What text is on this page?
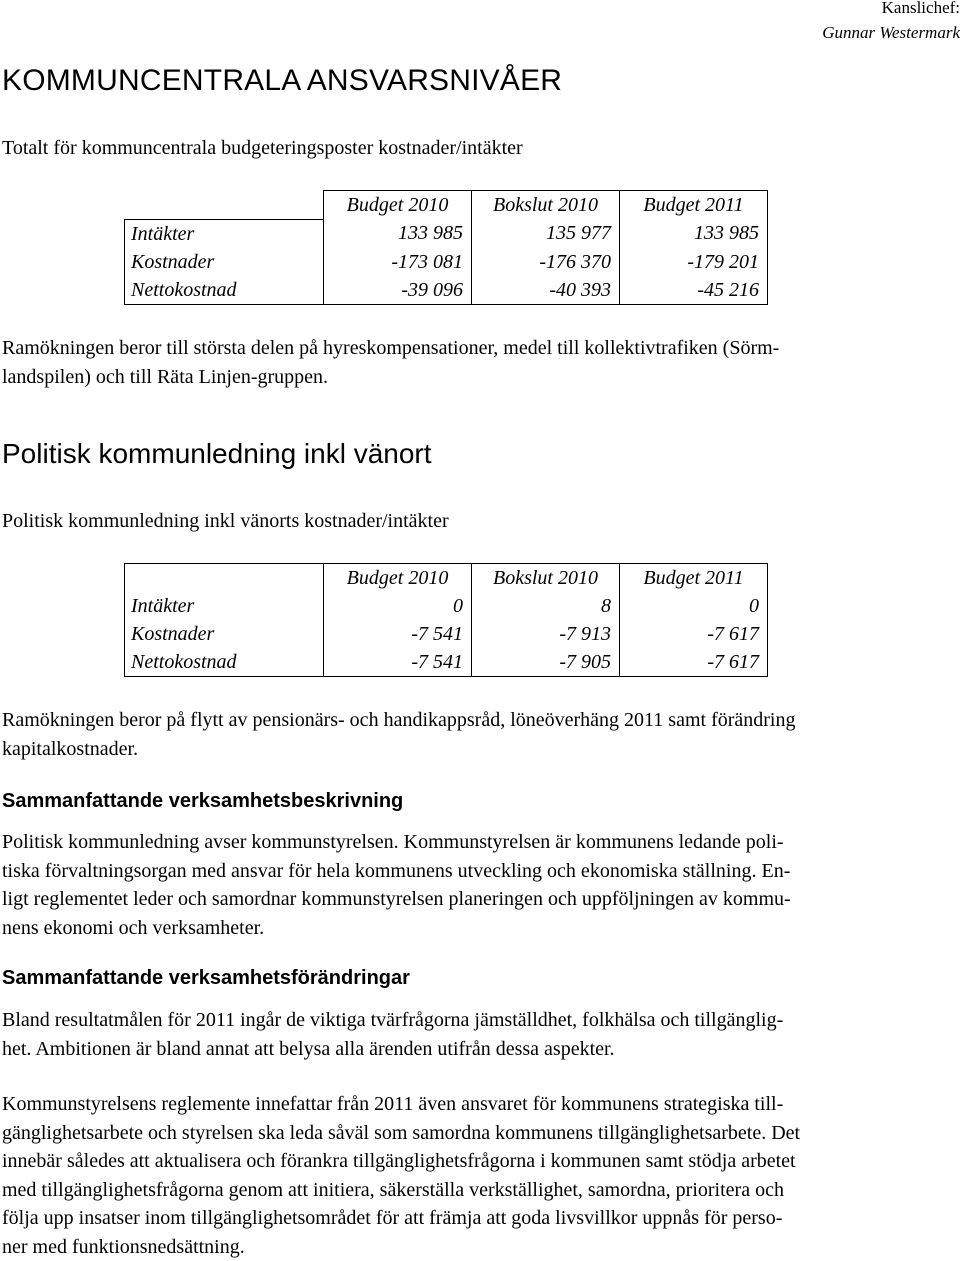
Kanslichef:
Gunnar Westermark
KOMMUNCENTRALA ANSVARSNIVÅER
Totalt för kommuncentrala budgeteringsposter kostnader/intäkter
	Budget 2010	Bokslut 2010	Budget 2011
Intäkter	133 985	135 977	133 985
Kostnader	-173 081	-176 370	-179 201
Nettokostnad	-39 096	-40 393	-45 216
Ramökningen beror till största delen på hyreskompensationer, medel till kollektivtrafiken (Sörm-
landspilen) och till Räta Linjen-gruppen.
Politisk kommunledning inkl vänort
Politisk kommunledning inkl vänorts kostnader/intäkter
	Budget 2010	Bokslut 2010	Budget 2011
Intäkter	0	8	0
Kostnader	-7 541	-7 913	-7 617
Nettokostnad	-7 541	-7 905	-7 617
Ramökningen beror på flytt av pensionärs- och handikappsråd, löneöverhäng 2011 samt förändring
kapitalkostnader.
Sammanfattande verksamhetsbeskrivning
Politisk kommunledning avser kommunstyrelsen. Kommunstyrelsen är kommunens ledande poli-
tiska förvaltningsorgan med ansvar för hela kommunens utveckling och ekonomiska ställning. En-
ligt reglementet leder och samordnar kommunstyrelsen planeringen och uppföljningen av kommu-
nens ekonomi och verksamheter.
Sammanfattande verksamhetsförändringar
Bland resultatmålen för 2011 ingår de viktiga tvärfrågorna jämställdhet, folkhälsa och tillgänglig-
het. Ambitionen är bland annat att belysa alla ärenden utifrån dessa aspekter.
Kommunstyrelsens reglemente innefattar från 2011 även ansvaret för kommunens strategiska till-
gänglighetsarbete och styrelsen ska leda såväl som samordna kommunens tillgänglighetsarbete. Det
innebär således att aktualisera och förankra tillgänglighetsfrågorna i kommunen samt stödja arbetet
med tillgänglighetsfrågorna genom att initiera, säkerställa verkställighet, samordna, prioritera och
följa upp insatser inom tillgänglighetsområdet för att främja att goda livsvillkor uppnås för perso-
ner med funktionsnedsättning.
